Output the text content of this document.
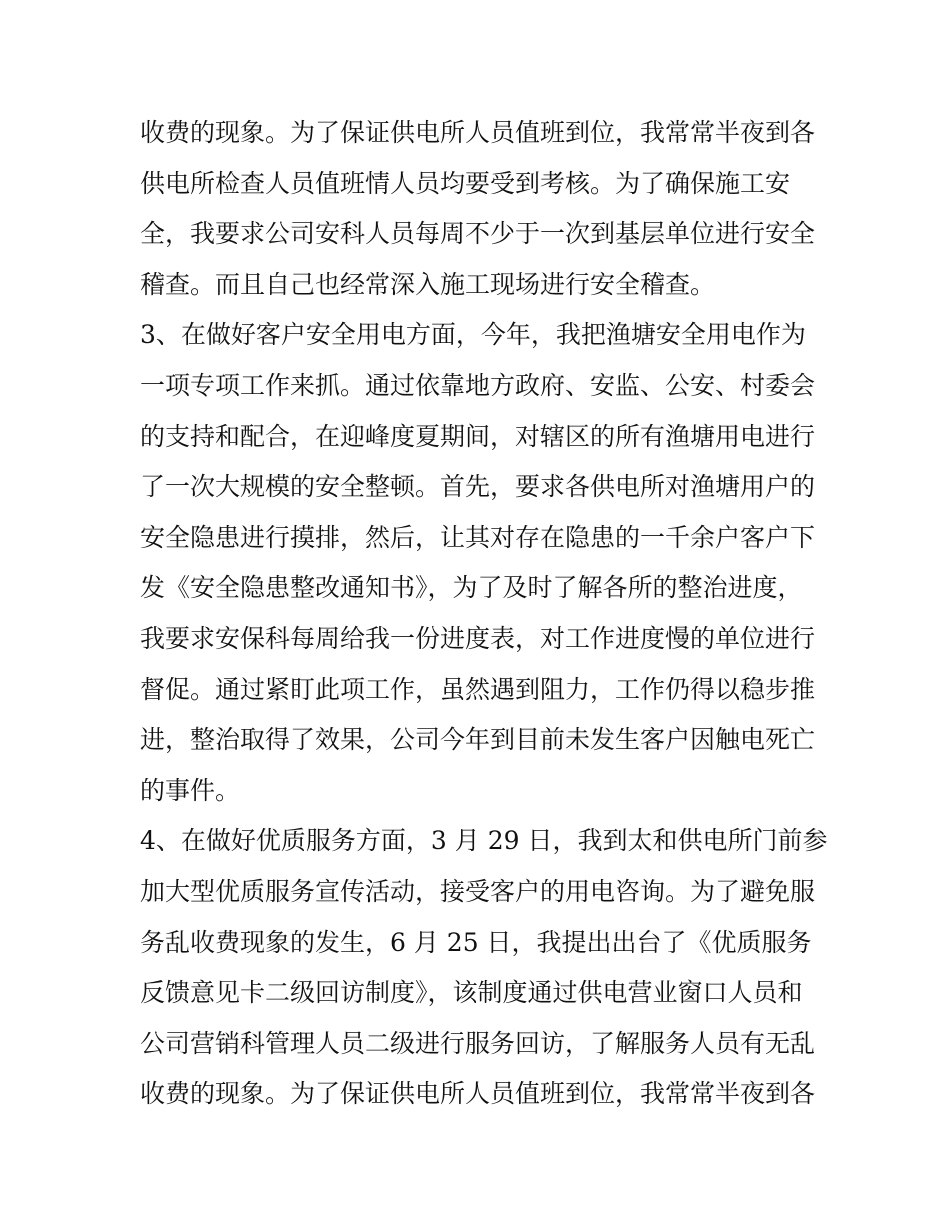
收费的现象。为了保证供电所人员值班到位，我常常半夜到各
供电所检查人员值班情人员均要受到考核。为了确保施工安
全，我要求公司安科人员每周不少于一次到基层单位进行安全
稽查。而且自己也经常深入施工现场进行安全稽查。
3、在做好客户安全用电方面，今年，我把渔塘安全用电作为
一项专项工作来抓。通过依靠地方政府、安监、公安、村委会
的支持和配合，在迎峰度夏期间，对辖区的所有渔塘用电进行
了一次大规模的安全整顿。首先，要求各供电所对渔塘用户的
安全隐患进行摸排，然后，让其对存在隐患的一千余户客户下
发《安全隐患整改通知书》，为了及时了解各所的整治进度，
我要求安保科每周给我一份进度表，对工作进度慢的单位进行
督促。通过紧盯此项工作，虽然遇到阻力，工作仍得以稳步推
进，整治取得了效果，公司今年到目前未发生客户因触电死亡
的事件。
4、在做好优质服务方面，3 月 29 日，我到太和供电所门前参
加大型优质服务宣传活动，接受客户的用电咨询。为了避免服
务乱收费现象的发生，6 月 25 日，我提出出台了《优质服务
反馈意见卡二级回访制度》，该制度通过供电营业窗口人员和
公司营销科管理人员二级进行服务回访，了解服务人员有无乱
收费的现象。为了保证供电所人员值班到位，我常常半夜到各
